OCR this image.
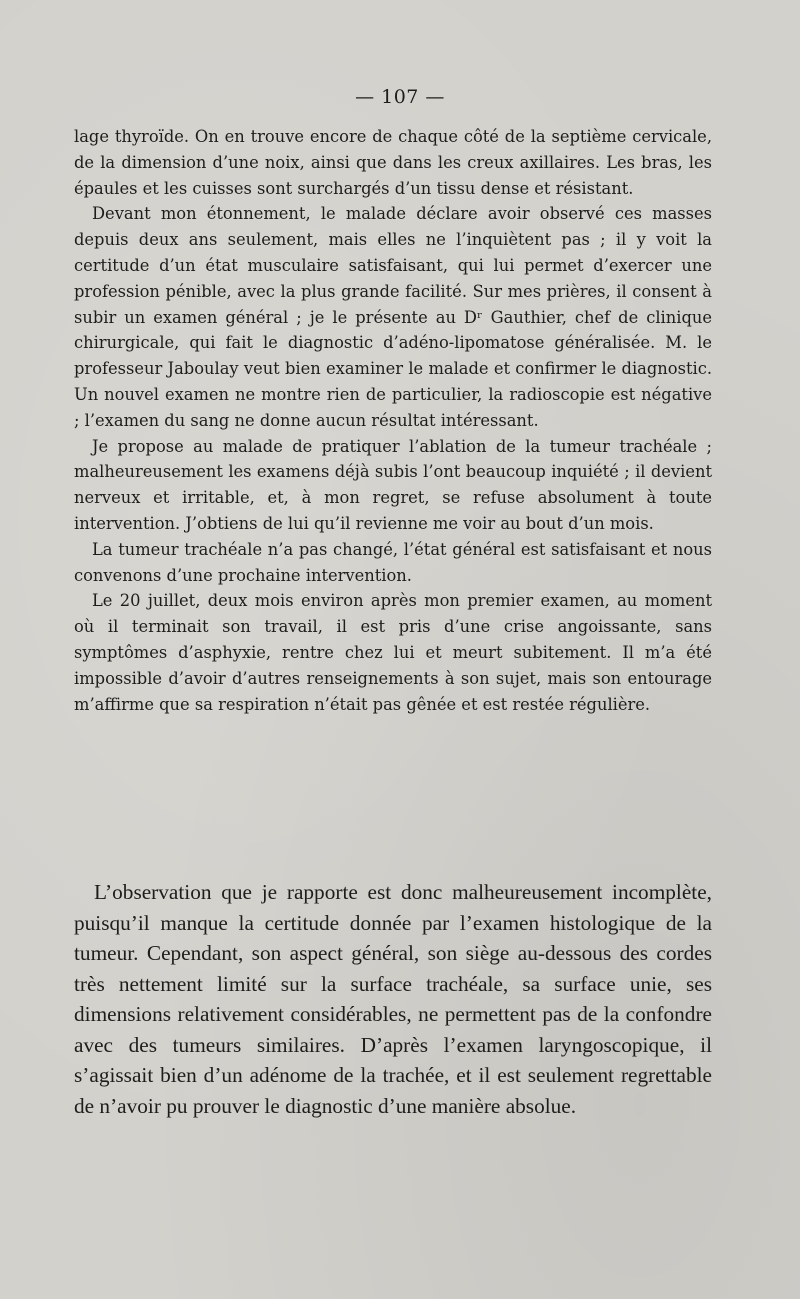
— 107 —

lage thyroïde. On en trouve encore de chaque côté de la septième cervicale, de la dimension d’une noix, ainsi que dans les creux axillaires. Les bras, les épaules et les cuisses sont surchargés d’un tissu dense et résistant.

Devant mon étonnement, le malade déclare avoir observé ces masses depuis deux ans seulement, mais elles ne l’inquiètent pas ; il y voit la certitude d’un état musculaire satisfaisant, qui lui permet d’exercer une profession pénible, avec la plus grande facilité. Sur mes prières, il consent à subir un examen général ; je le présente au Dʳ Gauthier, chef de clinique chirurgicale, qui fait le diagnostic d’adéno-lipomatose généralisée. M. le professeur Jaboulay veut bien examiner le malade et confirmer le diagnostic. Un nouvel examen ne montre rien de particulier, la radioscopie est négative ; l’examen du sang ne donne aucun résultat intéressant.

Je propose au malade de pratiquer l’ablation de la tumeur trachéale ; malheureusement les examens déjà subis l’ont beaucoup inquiété ; il devient nerveux et irritable, et, à mon regret, se refuse absolument à toute intervention. J’obtiens de lui qu’il revienne me voir au bout d’un mois.

La tumeur trachéale n’a pas changé, l’état général est satisfaisant et nous convenons d’une prochaine intervention.

Le 20 juillet, deux mois environ après mon premier examen, au moment où il terminait son travail, il est pris d’une crise angoissante, sans symptômes d’asphyxie, rentre chez lui et meurt subitement. Il m’a été impossible d’avoir d’autres renseignements à son sujet, mais son entourage m’affirme que sa respiration n’était pas gênée et est restée régulière.

L’observation que je rapporte est donc malheureusement incomplète, puisqu’il manque la certitude donnée par l’examen histologique de la tumeur. Cependant, son aspect général, son siège au-dessous des cordes très nettement limité sur la surface trachéale, sa surface unie, ses dimensions relativement considérables, ne permettent pas de la confondre avec des tumeurs similaires. D’après l’examen laryngoscopique, il s’agissait bien d’un adénome de la trachée, et il est seulement regrettable de n’avoir pu prouver le diagnostic d’une manière absolue.
